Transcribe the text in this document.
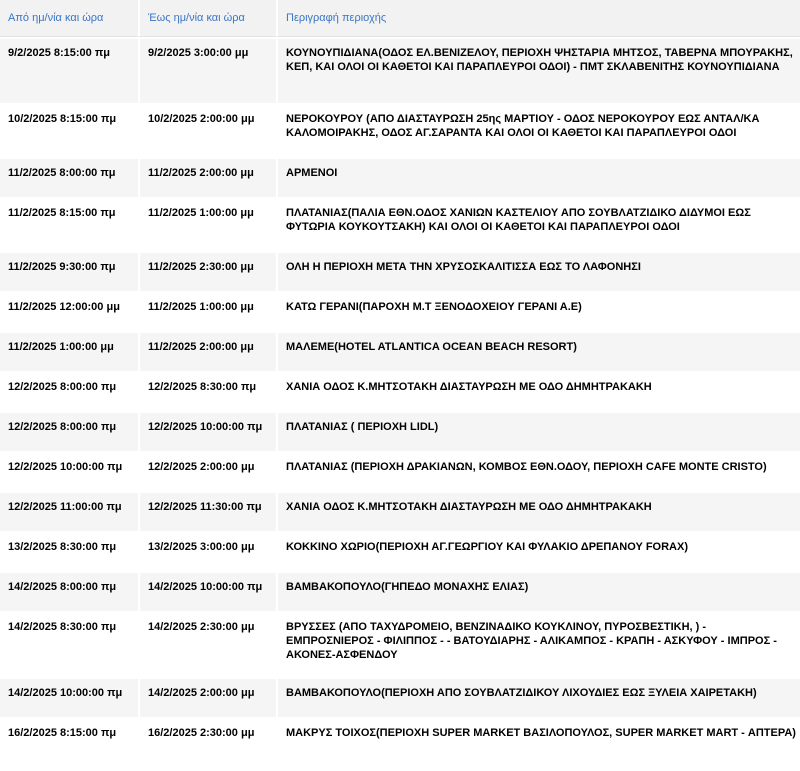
Από ημ/νία και ώρα	Έως ημ/νία και ώρα	Περιγραφή περιοχής
9/2/2025 8:15:00 πμ	9/2/2025 3:00:00 μμ	ΚΟΥΝΟΥΠΙΔΙΑΝΑ(ΟΔΟΣ ΕΛ.ΒΕΝΙΖΕΛΟΥ, ΠΕΡΙΟΧΗ ΨΗΣΤΑΡΙΑ ΜΗΤΣΟΣ, ΤΑΒΕΡΝΑ ΜΠΟΥΡΑΚΗΣ, ΚΕΠ, ΚΑΙ ΟΛΟΙ ΟΙ ΚΑΘΕΤΟΙ ΚΑΙ ΠΑΡΑΠΛΕΥΡΟΙ ΟΔΟΙ) - ΠΜΤ ΣΚΛΑΒΕΝΙΤΗΣ ΚΟΥΝΟΥΠΙΔΙΑΝΑ
10/2/2025 8:15:00 πμ	10/2/2025 2:00:00 μμ	ΝΕΡΟΚΟΥΡΟΥ (ΑΠΟ ΔΙΑΣΤΑΥΡΩΣΗ 25ης ΜΑΡΤΙΟΥ - ΟΔΟΣ ΝΕΡΟΚΟΥΡΟΥ ΕΩΣ ΑΝΤΑΛ/ΚΑ ΚΑΛΟΜΟΙΡΑΚΗΣ, ΟΔΟΣ ΑΓ.ΣΑΡΑΝΤΑ ΚΑΙ ΟΛΟΙ ΟΙ ΚΑΘΕΤΟΙ ΚΑΙ ΠΑΡΑΠΛΕΥΡΟΙ ΟΔΟΙ
11/2/2025 8:00:00 πμ	11/2/2025 2:00:00 μμ	ΑΡΜΕΝΟΙ
11/2/2025 8:15:00 πμ	11/2/2025 1:00:00 μμ	ΠΛΑΤΑΝΙΑΣ(ΠΑΛΙΑ ΕΘΝ.ΟΔΟΣ ΧΑΝΙΩΝ ΚΑΣΤΕΛΙΟΥ ΑΠΟ ΣΟΥΒΛΑΤΖΙΔΙΚΟ ΔΙΔΥΜΟΙ ΕΩΣ ΦΥΤΩΡΙΑ ΚΟΥΚΟΥΤΣΑΚΗ) ΚΑΙ ΟΛΟΙ ΟΙ ΚΑΘΕΤΟΙ ΚΑΙ ΠΑΡΑΠΛΕΥΡΟΙ ΟΔΟΙ
11/2/2025 9:30:00 πμ	11/2/2025 2:30:00 μμ	ΟΛΗ Η ΠΕΡΙΟΧΗ ΜΕΤΑ ΤΗΝ ΧΡΥΣΟΣΚΑΛΙΤΙΣΣΑ ΕΩΣ ΤΟ ΛΑΦΟΝΗΣΙ
11/2/2025 12:00:00 μμ	11/2/2025 1:00:00 μμ	ΚΑΤΩ ΓΕΡΑΝΙ(ΠΑΡΟΧΗ Μ.Τ ΞΕΝΟΔΟΧΕΙΟΥ ΓΕΡΑΝΙ Α.Ε)
11/2/2025 1:00:00 μμ	11/2/2025 2:00:00 μμ	ΜΑΛΕΜΕ(HOTEL ATLANTICA OCEAN BEACH RESORT)
12/2/2025 8:00:00 πμ	12/2/2025 8:30:00 πμ	ΧΑΝΙΑ ΟΔΟΣ Κ.ΜΗΤΣΟΤΑΚΗ ΔΙΑΣΤΑΥΡΩΣΗ ΜΕ ΟΔΟ ΔΗΜΗΤΡΑΚΑΚΗ
12/2/2025 8:00:00 πμ	12/2/2025 10:00:00 πμ	ΠΛΑΤΑΝΙΑΣ ( ΠΕΡΙΟΧΗ LIDL)
12/2/2025 10:00:00 πμ	12/2/2025 2:00:00 μμ	ΠΛΑΤΑΝΙΑΣ (ΠΕΡΙΟΧΗ ΔΡΑΚΙΑΝΩΝ, ΚΟΜΒΟΣ ΕΘΝ.ΟΔΟΥ, ΠΕΡΙΟΧΗ CAFE MONTE CRISTO)
12/2/2025 11:00:00 πμ	12/2/2025 11:30:00 πμ	ΧΑΝΙΑ ΟΔΟΣ Κ.ΜΗΤΣΟΤΑΚΗ ΔΙΑΣΤΑΥΡΩΣΗ ΜΕ ΟΔΟ ΔΗΜΗΤΡΑΚΑΚΗ
13/2/2025 8:30:00 πμ	13/2/2025 3:00:00 μμ	ΚΟΚΚΙΝΟ ΧΩΡΙΟ(ΠΕΡΙΟΧΗ ΑΓ.ΓΕΩΡΓΙΟΥ ΚΑΙ ΦΥΛΑΚΙΟ ΔΡΕΠΑΝΟΥ FORAX)
14/2/2025 8:00:00 πμ	14/2/2025 10:00:00 πμ	ΒΑΜΒΑΚΟΠΟΥΛΟ(ΓΗΠΕΔΟ ΜΟΝΑΧΗΣ ΕΛΙΑΣ)
14/2/2025 8:30:00 πμ	14/2/2025 2:30:00 μμ	ΒΡΥΣΣΕΣ (ΑΠΟ ΤΑΧΥΔΡΟΜΕΙΟ, ΒΕΝΖΙΝΑΔΙΚΟ ΚΟΥΚΛΙΝΟΥ, ΠΥΡΟΣΒΕΣΤΙΚΗ, ) - ΕΜΠΡΟΣΝΙΕΡΟΣ - ΦΙΛΙΠΠΟΣ - - ΒΑΤΟΥΔΙΑΡΗΣ - ΑΛΙΚΑΜΠΟΣ - ΚΡΑΠΗ - ΑΣΚΥΦΟΥ - ΙΜΠΡΟΣ - ΑΚΟΝΕΣ-ΑΣΦΕΝΔΟΥ
14/2/2025 10:00:00 πμ	14/2/2025 2:00:00 μμ	ΒΑΜΒΑΚΟΠΟΥΛΟ(ΠΕΡΙΟΧΗ ΑΠΟ ΣΟΥΒΛΑΤΖΙΔΙΚΟΥ ΛΙΧΟΥΔΙΕΣ ΕΩΣ ΞΥΛΕΙΑ ΧΑΙΡΕΤΑΚΗ)
16/2/2025 8:15:00 πμ	16/2/2025 2:30:00 μμ	ΜΑΚΡΥΣ ΤΟΙΧΟΣ(ΠΕΡΙΟΧΗ SUPER MARKET ΒΑΣΙΛΟΠΟΥΛΟΣ, SUPER MARKET MART - ΑΠΤΕΡΑ)
